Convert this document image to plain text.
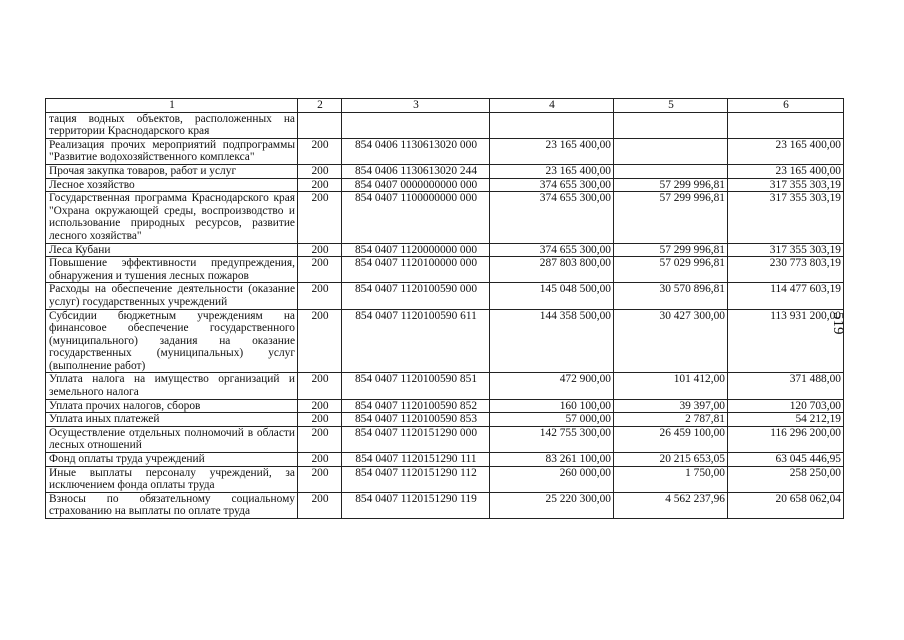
1	2	3	4	5	6
тация водных объектов, расположенных на территории Краснодарского края					
Реализация прочих мероприятий подпрограммы "Развитие водохозяйственного комплекса"	200	854 0406 1130613020 000	23 165 400,00		23 165 400,00
Прочая закупка товаров, работ и услуг	200	854 0406 1130613020 244	23 165 400,00		23 165 400,00
Лесное хозяйство	200	854 0407 0000000000 000	374 655 300,00	57 299 996,81	317 355 303,19
Государственная программа Краснодарского края "Охрана окружающей среды, воспроизводство и использование природных ресурсов, развитие лесного хозяйства"	200	854 0407 1100000000 000	374 655 300,00	57 299 996,81	317 355 303,19
Леса Кубани	200	854 0407 1120000000 000	374 655 300,00	57 299 996,81	317 355 303,19
Повышение эффективности предупреждения, обнаружения и тушения лесных пожаров	200	854 0407 1120100000 000	287 803 800,00	57 029 996,81	230 773 803,19
Расходы на обеспечение деятельности (оказание услуг) государственных учреждений	200	854 0407 1120100590 000	145 048 500,00	30 570 896,81	114 477 603,19
Субсидии бюджетным учреждениям на финансовое обеспечение государственного (муниципального) задания на оказание государственных (муниципальных) услуг (выполнение работ)	200	854 0407 1120100590 611	144 358 500,00	30 427 300,00	113 931 200,00
Уплата налога на имущество организаций и земельного налога	200	854 0407 1120100590 851	472 900,00	101 412,00	371 488,00
Уплата прочих налогов, сборов	200	854 0407 1120100590 852	160 100,00	39 397,00	120 703,00
Уплата иных платежей	200	854 0407 1120100590 853	57 000,00	2 787,81	54 212,19
Осуществление отдельных полномочий в области лесных отношений	200	854 0407 1120151290 000	142 755 300,00	26 459 100,00	116 296 200,00
Фонд оплаты труда учреждений	200	854 0407 1120151290 111	83 261 100,00	20 215 653,05	63 045 446,95
Иные выплаты персоналу учреждений, за исключением фонда оплаты труда	200	854 0407 1120151290 112	260 000,00	1 750,00	258 250,00
Взносы по обязательному социальному страхованию на выплаты по оплате труда	200	854 0407 1120151290 119	25 220 300,00	4 562 237,96	20 658 062,04
519
